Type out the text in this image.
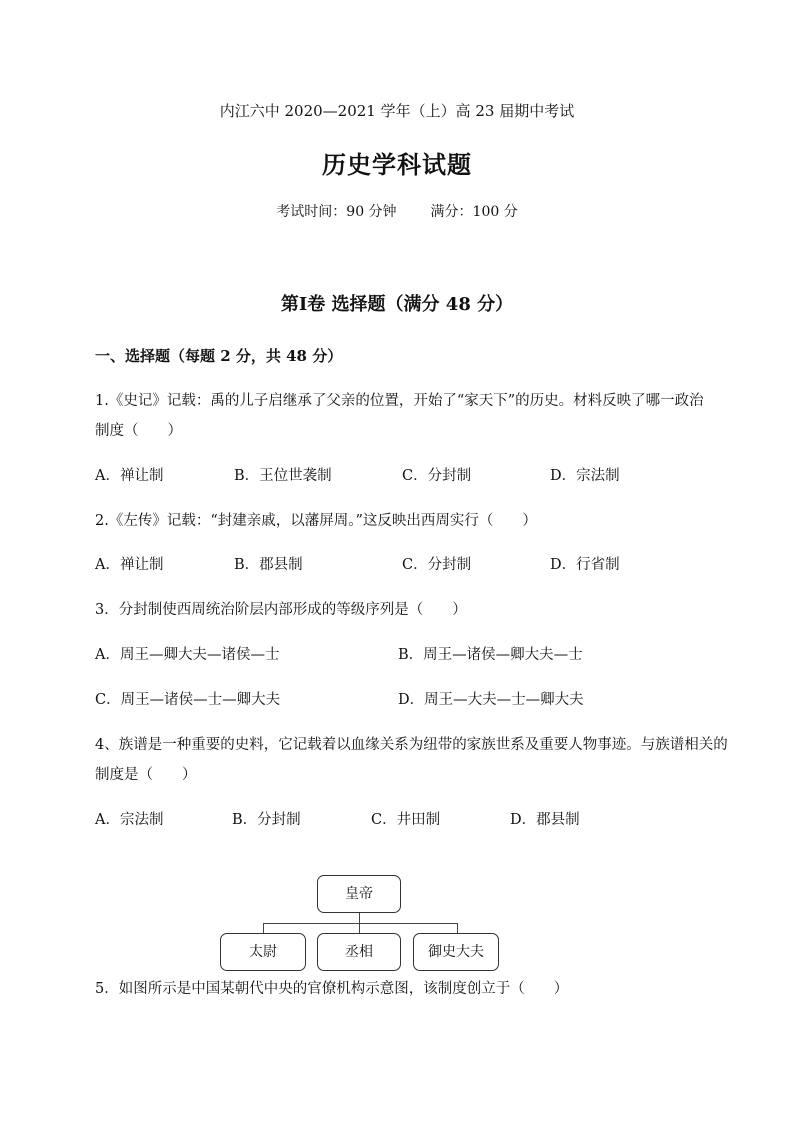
内江六中 2020—2021 学年（上）高 23 届期中考试
历史学科试题
考试时间：90 分钟 满分：100 分
第Ⅰ卷 选择题（满分 48 分）
一、选择题（每题 2 分，共 48 分）
1.《史记》记载：禹的儿子启继承了父亲的位置，开始了“家天下”的历史。材料反映了哪一政治
制度（　　）
A．禅让制	B．王位世袭制	C．分封制	D．宗法制
2.《左传》记载：“封建亲戚，以藩屏周。”这反映出西周实行（　　）
A．禅让制	B．郡县制	C．分封制	D．行省制
3．分封制使西周统治阶层内部形成的等级序列是（　　）
A．周王—卿大夫—诸侯—士	B．周王—诸侯—卿大夫—士
C．周王—诸侯—士—卿大夫	D．周王—大夫—士—卿大夫
4、族谱是一种重要的史料，它记载着以血缘关系为纽带的家族世系及重要人物事迹。与族谱相关的
制度是（　　）
A．宗法制	B．分封制	C．井田制	D．郡县制
皇帝
太尉	丞相	御史大夫
5．如图所示是中国某朝代中央的官僚机构示意图，该制度创立于（　　）
